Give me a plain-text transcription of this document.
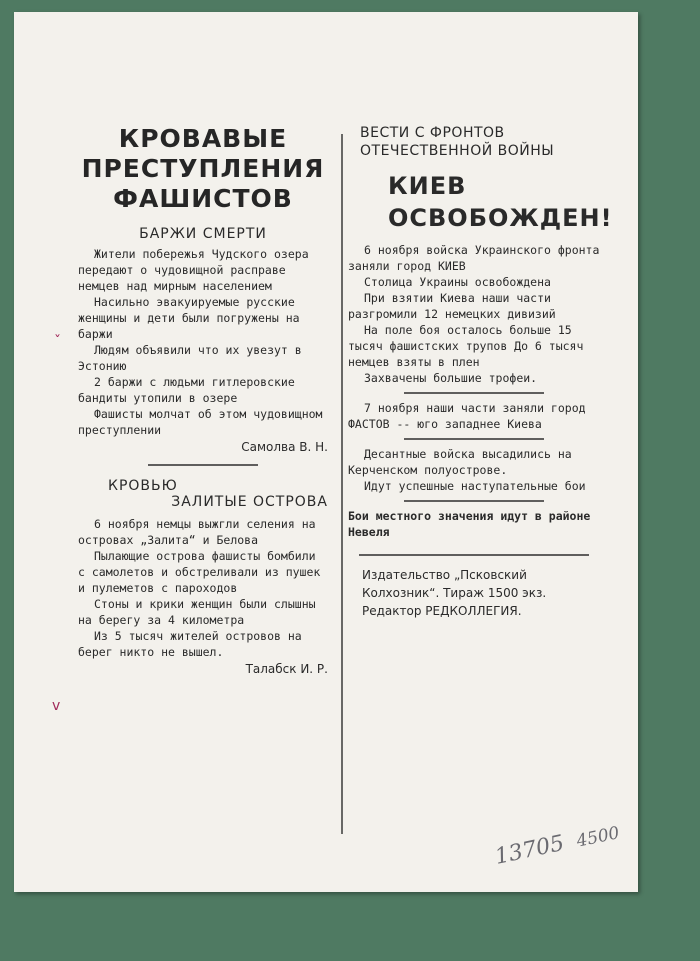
КРОВАВЫЕ ПРЕСТУПЛЕНИЯ ФАШИСТОВ
БАРЖИ СМЕРТИ

Жители побережья Чудского озера передают о чудовищной расправе немцев над мирным населением

Насильно эвакуируемые русские женщины и дети были погружены на баржи

Людям объявили что их увезут в Эстонию

2 баржи с людьми гитлеровские бандиты утопили в озере

Фашисты молчат об этом чудовищном преступлении

Самолва В. Н.
КРОВЬЮ
ЗАЛИТЫЕ ОСТРОВА

6 ноября немцы выжгли селения на островах „Залита“ и Белова

Пылающие острова фашисты бомбили с самолетов и обстреливали из пушек и пулеметов с пароходов

Стоны и крики женщин были слышны на берегу за 4 километра

Из 5 тысяч жителей островов на берег никто не вышел.

Талабск И. Р.
ВЕСТИ С ФРОНТОВ ОТЕЧЕСТВЕННОЙ ВОЙНЫ
КИЕВ ОСВОБОЖДЕН!

6 ноября войска Украинского фронта заняли город КИЕВ

Столица Украины освобождена

При взятии Киева наши части разгромили 12 немецких дивизий

На поле боя осталось больше 15 тысяч фашистских трупов До 6 тысяч немцев взяты в плен

Захвачены большие трофеи.

7 ноября наши части заняли город ФАСТОВ -- юго западнее Киева

Десантные войска высадились на Керченском полуострове.

Идут успешные наступательные бои

Бои местного значения идут в районе Невеля
Издательство „Псковский Колхозник“. Тираж 1500 экз.
Редактор РЕДКОЛЛЕГИЯ.
13705 4500
ˇ
v
